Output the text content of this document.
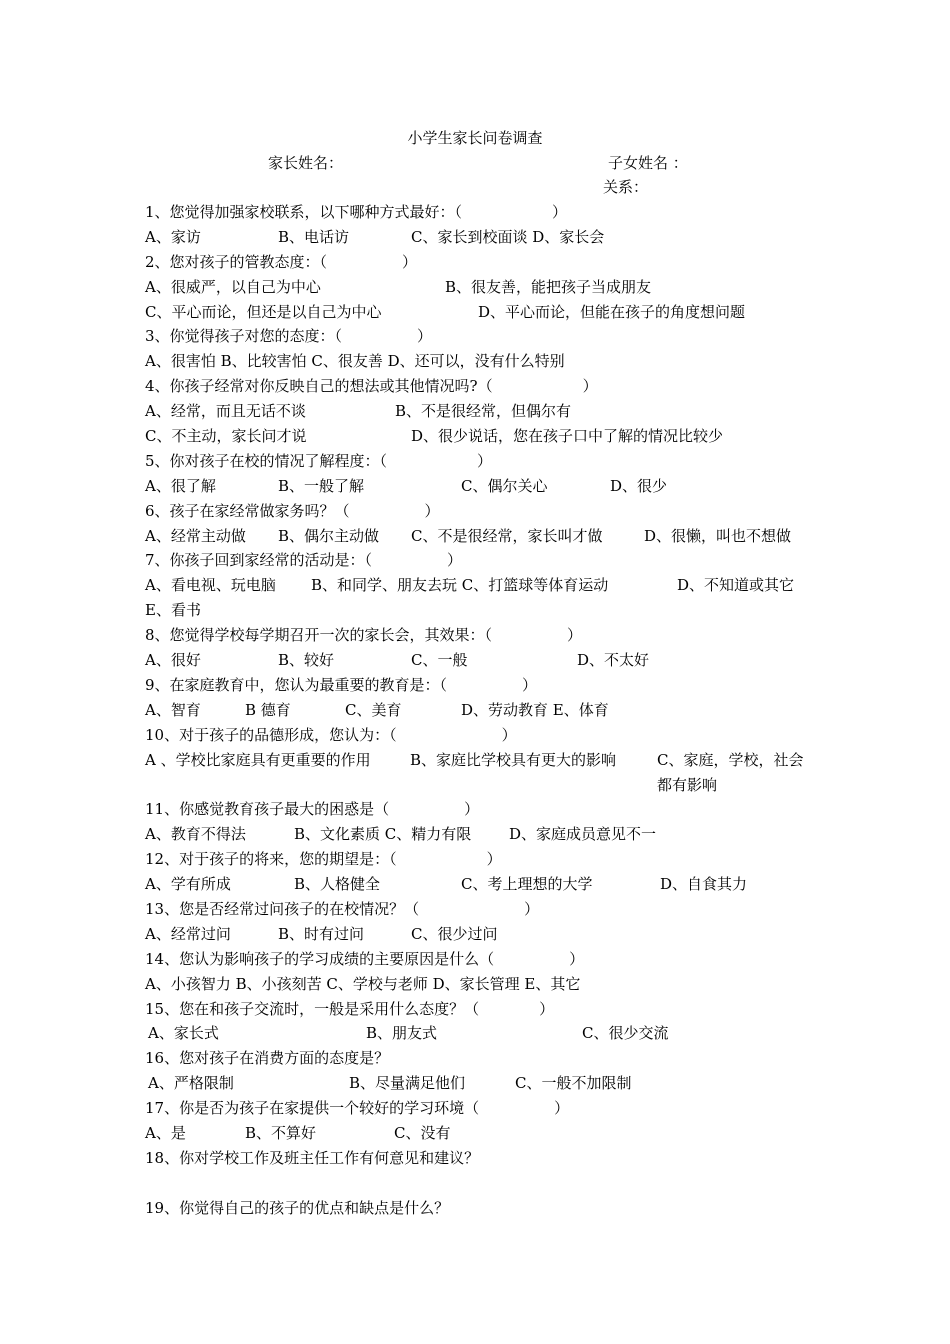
小学生家长问卷调查
家长姓名：	子女姓名 ：
关系：
1、您觉得加强家校联系，以下哪种方式最好：（　　　　　　）
A、家访	B、电话访	C、家长到校面谈 D、家长会
2、您对孩子的管教态度：（　　　　　）
A、很威严，以自己为中心	B、很友善，能把孩子当成朋友
C、平心而论，但还是以自己为中心	D、平心而论，但能在孩子的角度想问题
3、你觉得孩子对您的态度：（　　　　　）
A、很害怕 B、比较害怕 C、很友善 D、还可以，没有什么特别
4、你孩子经常对你反映自己的想法或其他情况吗?（　　　　　　）
A、经常，而且无话不谈	B、不是很经常，但偶尔有
C、不主动，家长问才说	D、很少说话，您在孩子口中了解的情况比较少
5、你对孩子在校的情况了解程度：（　　　　　　）
A、很了解	B、一般了解	C、偶尔关心	D、很少
6、孩子在家经常做家务吗？（　　　　　）
A、经常主动做 B、偶尔主动做 C、不是很经常，家长叫才做	D、很懒，叫也不想做
7、你孩子回到家经常的活动是：（　　　　　）
A、看电视、玩电脑 B、和同学、朋友去玩 C、打篮球等体育运动	D、不知道或其它
E、看书
8、您觉得学校每学期召开一次的家长会，其效果：（　　　　　）
A、很好	B、较好	C、一般	D、不太好
9、在家庭教育中，您认为最重要的教育是：（　　　　　）
A、智育	B 德育	C、美育	D、劳动教育 E、体育
10、对于孩子的品德形成，您认为：（　　　　　　　）
A 、学校比家庭具有更重要的作用	B、家庭比学校具有更大的影响	C、家庭，学校，社会都有影响
11、你感觉教育孩子最大的困惑是（　　　　　）
A、教育不得法	B、文化素质 C、精力有限	D、家庭成员意见不一
12、对于孩子的将来，您的期望是：（　　　　　　）
A、学有所成	B、人格健全	C、考上理想的大学	D、自食其力
13、您是否经常过问孩子的在校情况？（　　　　　　　）
A、经常过问	B、时有过问	C、很少过问
14、您认为影响孩子的学习成绩的主要原因是什么（　　　　　）
A、小孩智力 B、小孩刻苦 C、学校与老师 D、家长管理 E、其它
15、您在和孩子交流时，一般是采用什么态度？（　　　　）
A、家长式	B、朋友式	C、很少交流
16、您对孩子在消费方面的态度是？
A、严格限制	B、尽量满足他们	C、一般不加限制
17、你是否为孩子在家提供一个较好的学习环境（　　　　　）
A、是	B、不算好	C、没有
18、你对学校工作及班主任工作有何意见和建议？
19、你觉得自己的孩子的优点和缺点是什么？
